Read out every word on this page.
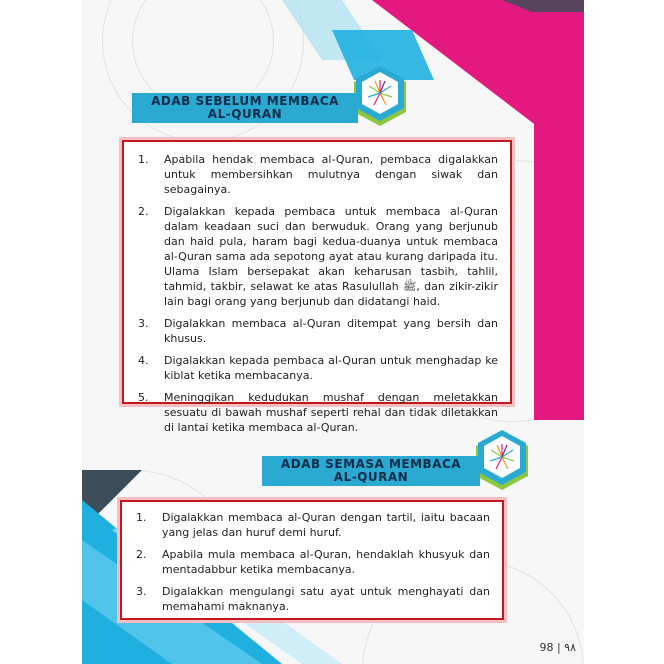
ADAB SEBELUM MEMBACA
AL-QURAN
1.	Apabila hendak membaca al-Quran, pembaca digalakkan untuk membersihkan mulutnya dengan siwak dan sebagainya.
2.	Digalakkan kepada pembaca untuk membaca al-Quran dalam keadaan suci dan berwuduk. Orang yang berjunub dan haid pula, haram bagi kedua-duanya untuk membaca al-Quran sama ada sepotong ayat atau kurang daripada itu. Ulama Islam bersepakat akan keharusan tasbih, tahlil, tahmid, takbir, selawat ke atas Rasulullah ﷺ, dan zikir-zikir lain bagi orang yang berjunub dan didatangi haid.
3.	Digalakkan membaca al-Quran ditempat yang bersih dan khusus.
4.	Digalakkan kepada pembaca al-Quran untuk menghadap ke kiblat ketika membacanya.
5.	Meninggikan kedudukan mushaf dengan meletakkan sesuatu di bawah mushaf seperti rehal dan tidak diletakkan di lantai ketika membaca al-Quran.
ADAB SEMASA MEMBACA
AL-QURAN
1.	Digalakkan membaca al-Quran dengan tartil, iaitu bacaan yang jelas dan huruf demi huruf.
2.	Apabila mula membaca al-Quran, hendaklah khusyuk dan mentadabbur ketika membacanya.
3.	Digalakkan mengulangi satu ayat untuk menghayati dan memahami maknanya.
98 | ٩٨
